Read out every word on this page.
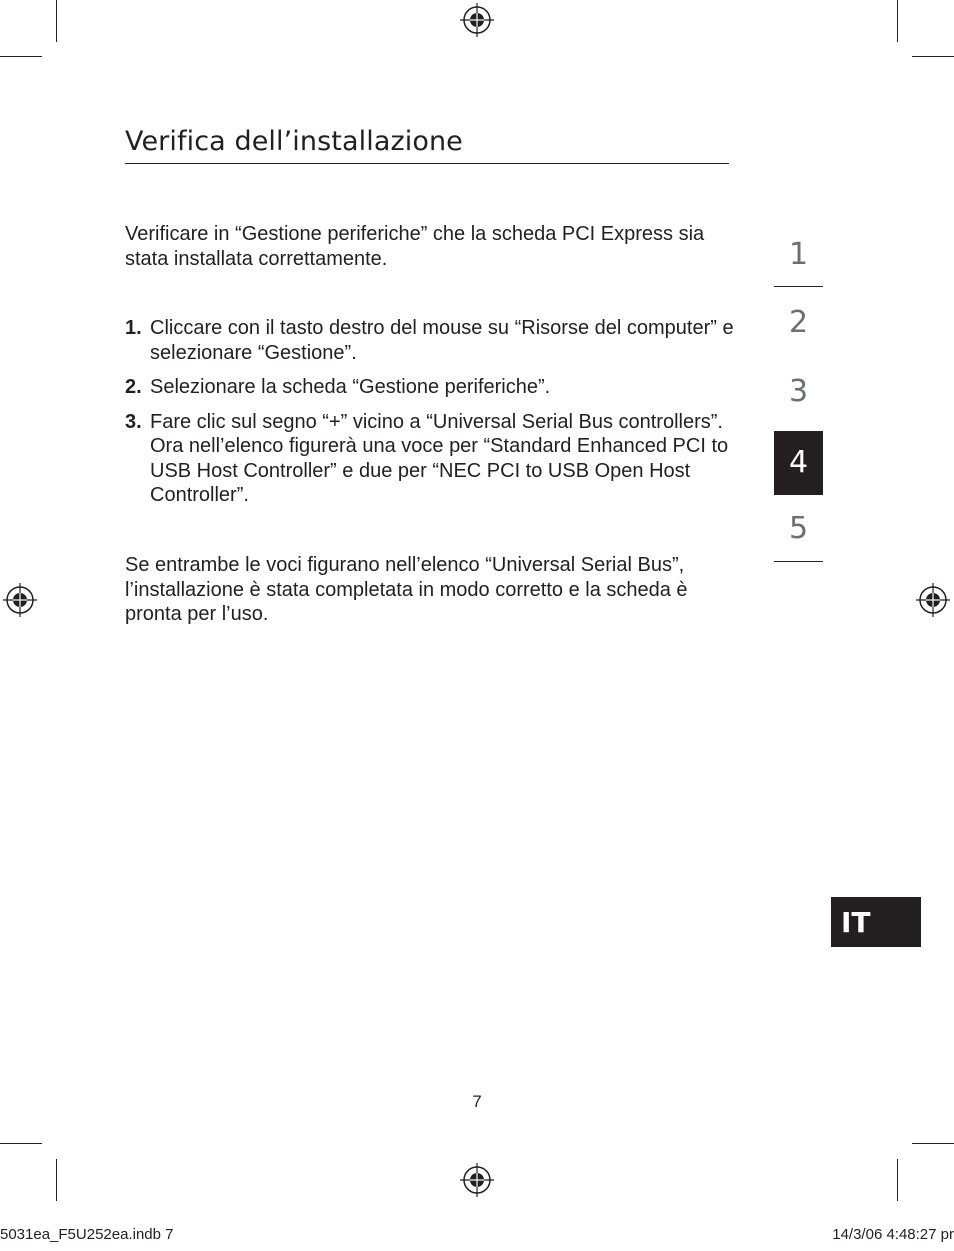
Verifica dell’installazione
Verificare in “Gestione periferiche” che la scheda PCI Express sia stata installata correttamente.
1. Cliccare con il tasto destro del mouse su “Risorse del computer” e selezionare “Gestione”.
2. Selezionare la scheda “Gestione periferiche”.
3. Fare clic sul segno “+” vicino a “Universal Serial Bus controllers”. Ora nell’elenco figurerà una voce per “Standard Enhanced PCI to USB Host Controller” e due per “NEC PCI to USB Open Host Controller”.
Se entrambe le voci figurano nell’elenco “Universal Serial Bus”, l’installazione è stata completata in modo corretto e la scheda è pronta per l’uso.
1
2
3
4
5
IT
7
5031ea_F5U252ea.indb 7	14/3/06 4:48:27 pr
